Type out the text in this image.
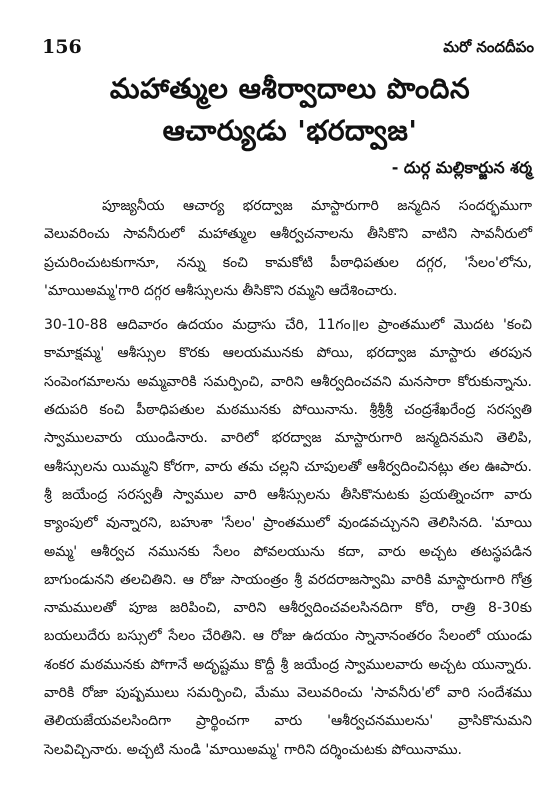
156	మరో నందదీపం
మహాత్ముల ఆశీర్వాదాలు పొందిన
ఆచార్యుడు 'భరద్వాజ'
- దుర్గ మల్లికార్జున శర్మ

పూజ్యనీయ ఆచార్య భరద్వాజ మాస్టారుగారి జన్మదిన సందర్భముగా వెలువరించు సావనీరులో మహాత్ముల ఆశీర్వచనాలను తీసికొని వాటిని సావనీరులో ప్రచురించుటకుగానూ, నన్ను కంచి కామకోటి పీఠాధిపతుల దగ్గర, 'సేలం'లోను, 'మాయిఅమ్మ'గారి దగ్గర ఆశీస్సులను తీసికొని రమ్మని ఆదేశించారు.

30-10-88 ఆదివారం ఉదయం మద్రాసు చేరి, 11గం॥ల ప్రాంతములో మొదట 'కంచి కామాక్షమ్మ' ఆశీస్సుల కొరకు ఆలయమునకు పోయి, భరద్వాజ మాస్టారు తరపున సంపెంగమాలను అమ్మవారికి సమర్పించి, వారిని ఆశీర్వదించవని మనసారా కోరుకున్నాను. తదుపరి కంచి పీఠాధిపతుల మఠమునకు పోయినాను. శ్రీశ్రీశ్రీ చంద్రశేఖరేంద్ర సరస్వతి స్వాములవారు యుండినారు. వారిలో భరద్వాజ మాస్టారుగారి జన్మదినమని తెలిపి, ఆశీస్సులను యిమ్మని కోరగా, వారు తమ చల్లని చూపులతో ఆశీర్వదించినట్లు తల ఊపారు. శ్రీ జయేంద్ర సరస్వతీ స్వాముల వారి ఆశీస్సులను తీసికొనుటకు ప్రయత్నించగా వారు క్యాంపులో వున్నారని, బహుశా 'సేలం' ప్రాంతములో వుండవచ్చునని తెలిసినది. 'మాయి అమ్మ' ఆశీర్వచ నమునకు సేలం పోవలయును కదా, వారు అచ్చట తటస్థపడిన బాగుండునని తలచితిని. ఆ రోజు సాయంత్రం శ్రీ వరదరాజస్వామి వారికి మాస్టారుగారి గోత్ర నామములతో పూజ జరిపించి, వారిని ఆశీర్వదించవలసినదిగా కోరి, రాత్రి 8-30కు బయలుదేరు బస్సులో సేలం చేరితిని. ఆ రోజు ఉదయం స్నానానంతరం సేలంలో యుండు శంకర మఠమునకు పోగానే అదృష్టము కొద్దీ శ్రీ జయేంద్ర స్వాములవారు అచ్చట యున్నారు. వారికి రోజా పుష్పములు సమర్పించి, మేము వెలువరించు 'సావనీరు'లో వారి సందేశము తెలియజేయవలసిందిగా ప్రార్థించగా వారు 'ఆశీర్వచనములను' వ్రాసికొనుమని సెలవిచ్చినారు. అచ్చటి నుండి 'మాయిఅమ్మ' గారిని దర్శించుటకు పోయినాము.
